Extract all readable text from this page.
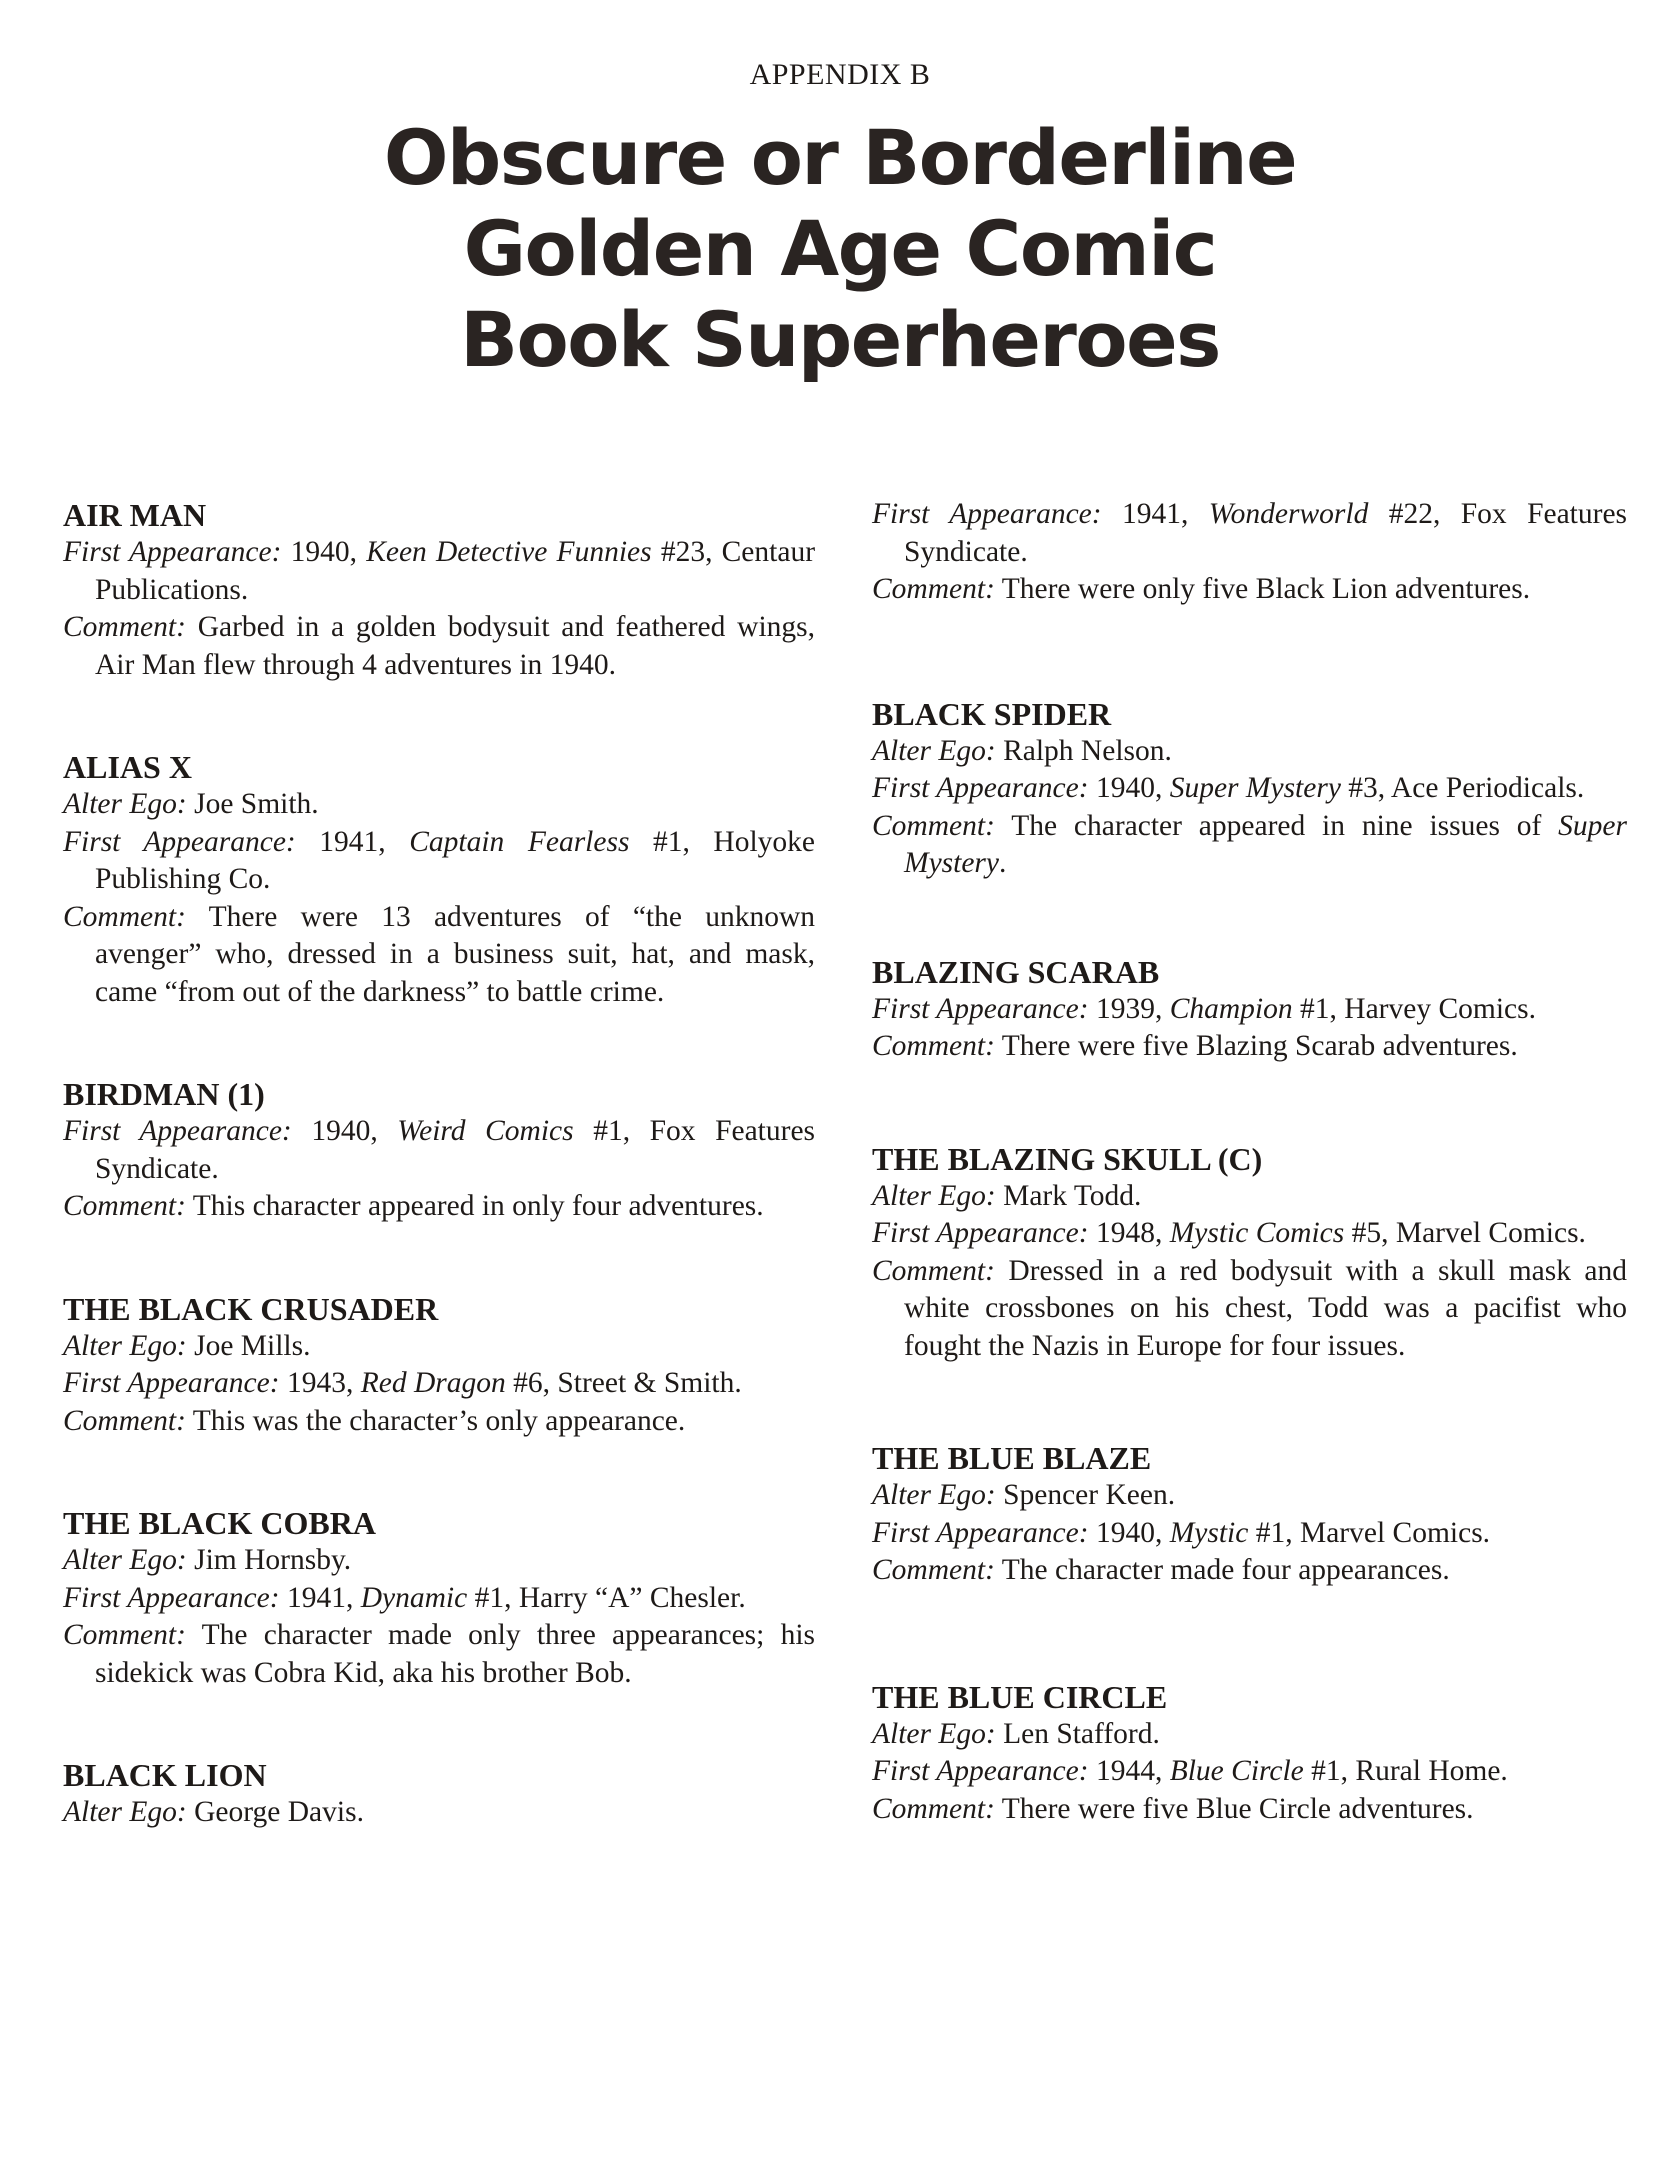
APPENDIX B
Obscure or Borderline
Golden Age Comic
Book Superheroes

AIR MAN

First Appearance: 1940, Keen Detective Funnies #23, Centaur Publications.

Comment: Garbed in a golden bodysuit and feathered wings, Air Man flew through 4 adventures in 1940.

ALIAS X

Alter Ego: Joe Smith.

First Appearance: 1941, Captain Fearless #1, Holyoke Publishing Co.

Comment: There were 13 adventures of “the unknown avenger” who, dressed in a business suit, hat, and mask, came “from out of the darkness” to battle crime.

BIRDMAN (1)

First Appearance: 1940, Weird Comics #1, Fox Features Syndicate.

Comment: This character appeared in only four adventures.

THE BLACK CRUSADER

Alter Ego: Joe Mills.

First Appearance: 1943, Red Dragon #6, Street & Smith.

Comment: This was the character’s only appearance.

THE BLACK COBRA

Alter Ego: Jim Hornsby.

First Appearance: 1941, Dynamic #1, Harry “A” Chesler.

Comment: The character made only three appearances; his sidekick was Cobra Kid, aka his brother Bob.

BLACK LION

Alter Ego: George Davis.

First Appearance: 1941, Wonderworld #22, Fox Features Syndicate.

Comment: There were only five Black Lion adventures.

BLACK SPIDER

Alter Ego: Ralph Nelson.

First Appearance: 1940, Super Mystery #3, Ace Periodicals.

Comment: The character appeared in nine issues of Super Mystery.

BLAZING SCARAB

First Appearance: 1939, Champion #1, Harvey Comics.

Comment: There were five Blazing Scarab adventures.

THE BLAZING SKULL (C)

Alter Ego: Mark Todd.

First Appearance: 1948, Mystic Comics #5, Marvel Comics.

Comment: Dressed in a red bodysuit with a skull mask and white crossbones on his chest, Todd was a pacifist who fought the Nazis in Europe for four issues.

THE BLUE BLAZE

Alter Ego: Spencer Keen.

First Appearance: 1940, Mystic #1, Marvel Comics.

Comment: The character made four appearances.

THE BLUE CIRCLE

Alter Ego: Len Stafford.

First Appearance: 1944, Blue Circle #1, Rural Home.

Comment: There were five Blue Circle adventures.
